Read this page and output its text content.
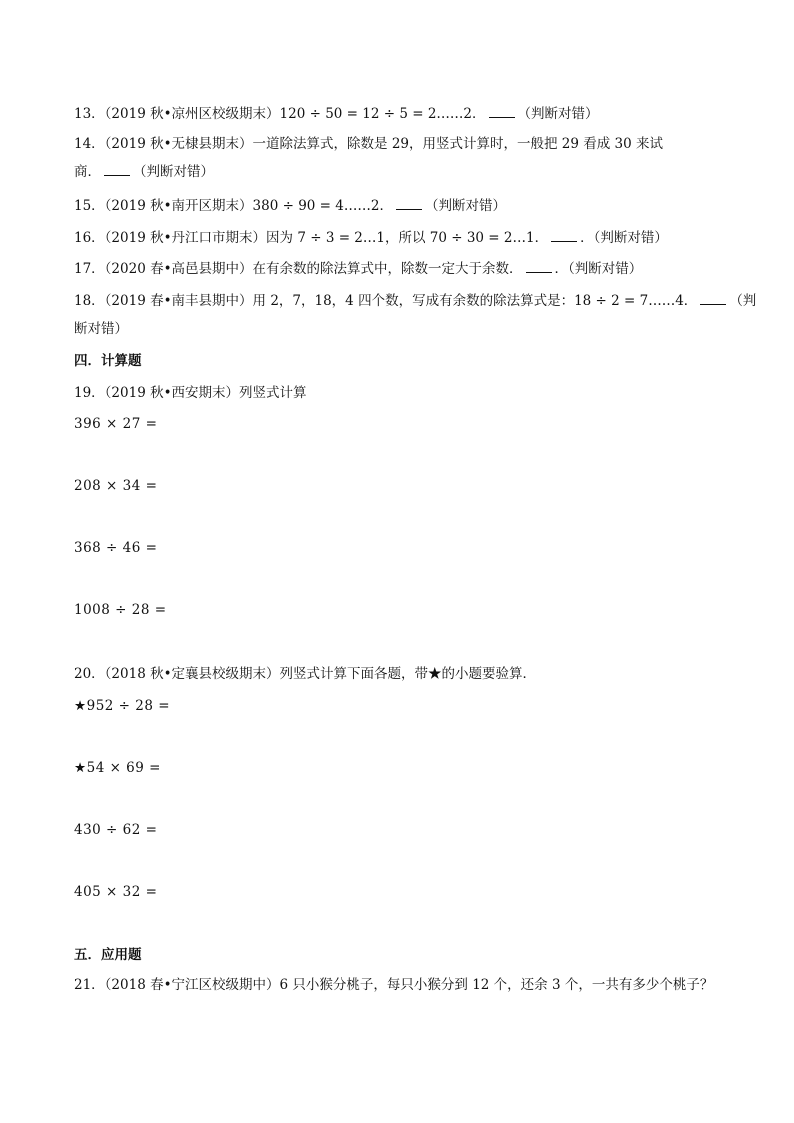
13．（2019 秋•凉州区校级期末）120 ÷ 50 = 12 ÷ 5 = 2……2． （判断对错）
14．（2019 秋•无棣县期末）一道除法算式，除数是 29，用竖式计算时，一般把 29 看成 30 来试
商． （判断对错）
15．（2019 秋•南开区期末）380 ÷ 90 = 4……2． （判断对错）
16．（2019 秋•丹江口市期末）因为 7 ÷ 3 = 2…1，所以 70 ÷ 30 = 2…1． ．（判断对错）
17．（2020 春•高邑县期中）在有余数的除法算式中，除数一定大于余数． ．（判断对错）
18．（2019 春•南丰县期中）用 2，7，18，4 四个数，写成有余数的除法算式是：18 ÷ 2 = 7……4． （判
断对错）
四．计算题
19．（2019 秋•西安期末）列竖式计算
396 × 27 =
208 × 34 =
368 ÷ 46 =
1008 ÷ 28 =
20．（2018 秋•定襄县校级期末）列竖式计算下面各题，带★的小题要验算．
★952 ÷ 28 =
★54 × 69 =
430 ÷ 62 =
405 × 32 =
五．应用题
21．（2018 春•宁江区校级期中）6 只小猴分桃子，每只小猴分到 12 个，还余 3 个，一共有多少个桃子？
